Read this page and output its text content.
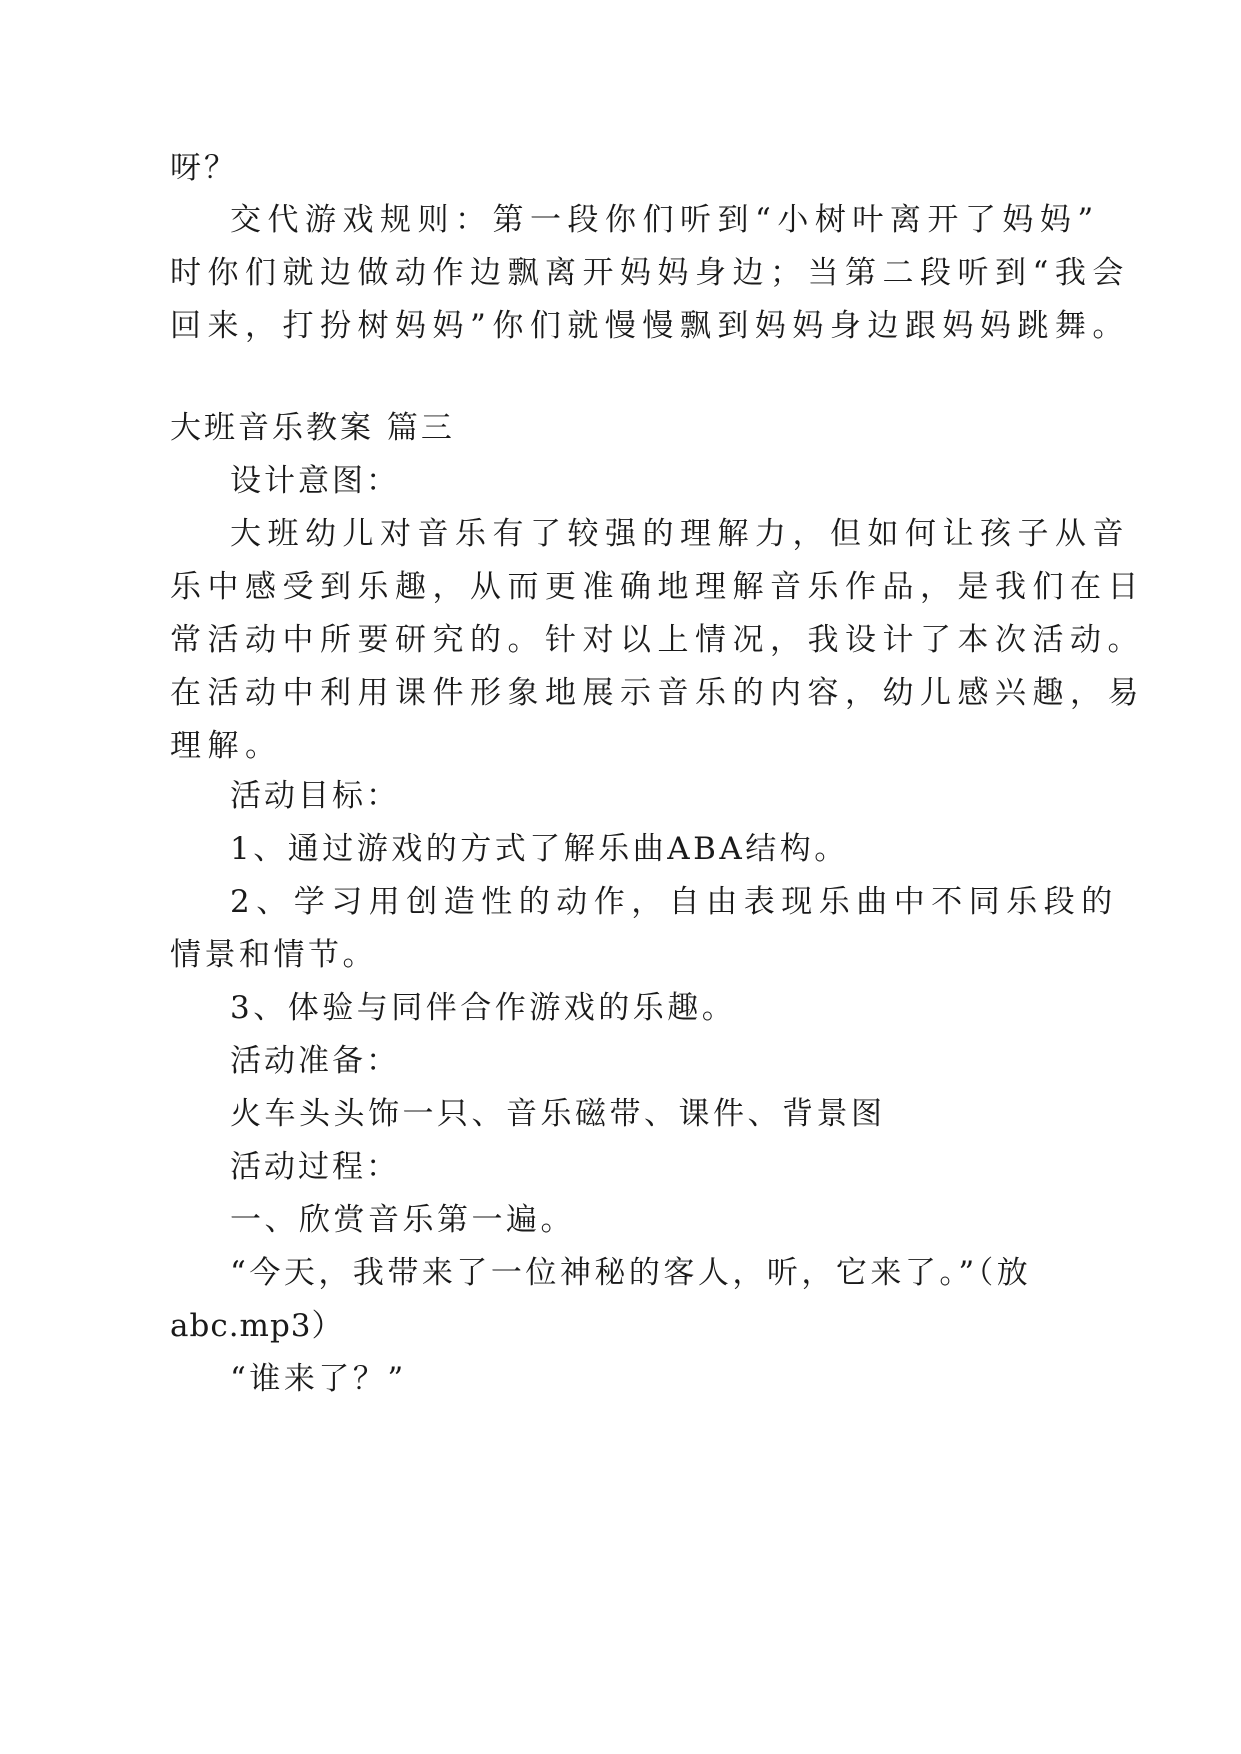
呀？
交代游戏规则：第一段你们听到“小树叶离开了妈妈”
时你们就边做动作边飘离开妈妈身边；当第二段听到“我会
回来，打扮树妈妈”你们就慢慢飘到妈妈身边跟妈妈跳舞。
大班音乐教案 篇三
设计意图：
大班幼儿对音乐有了较强的理解力，但如何让孩子从音
乐中感受到乐趣，从而更准确地理解音乐作品，是我们在日
常活动中所要研究的。针对以上情况，我设计了本次活动。
在活动中利用课件形象地展示音乐的内容，幼儿感兴趣，易
理解。
活动目标：
1、通过游戏的方式了解乐曲ABA结构。
2、学习用创造性的动作，自由表现乐曲中不同乐段的
情景和情节。
3、体验与同伴合作游戏的乐趣。
活动准备：
火车头头饰一只、音乐磁带、课件、背景图
活动过程：
一、欣赏音乐第一遍。
“今天，我带来了一位神秘的客人，听，它来了。”（放
abc.mp3）
“谁来了？”
